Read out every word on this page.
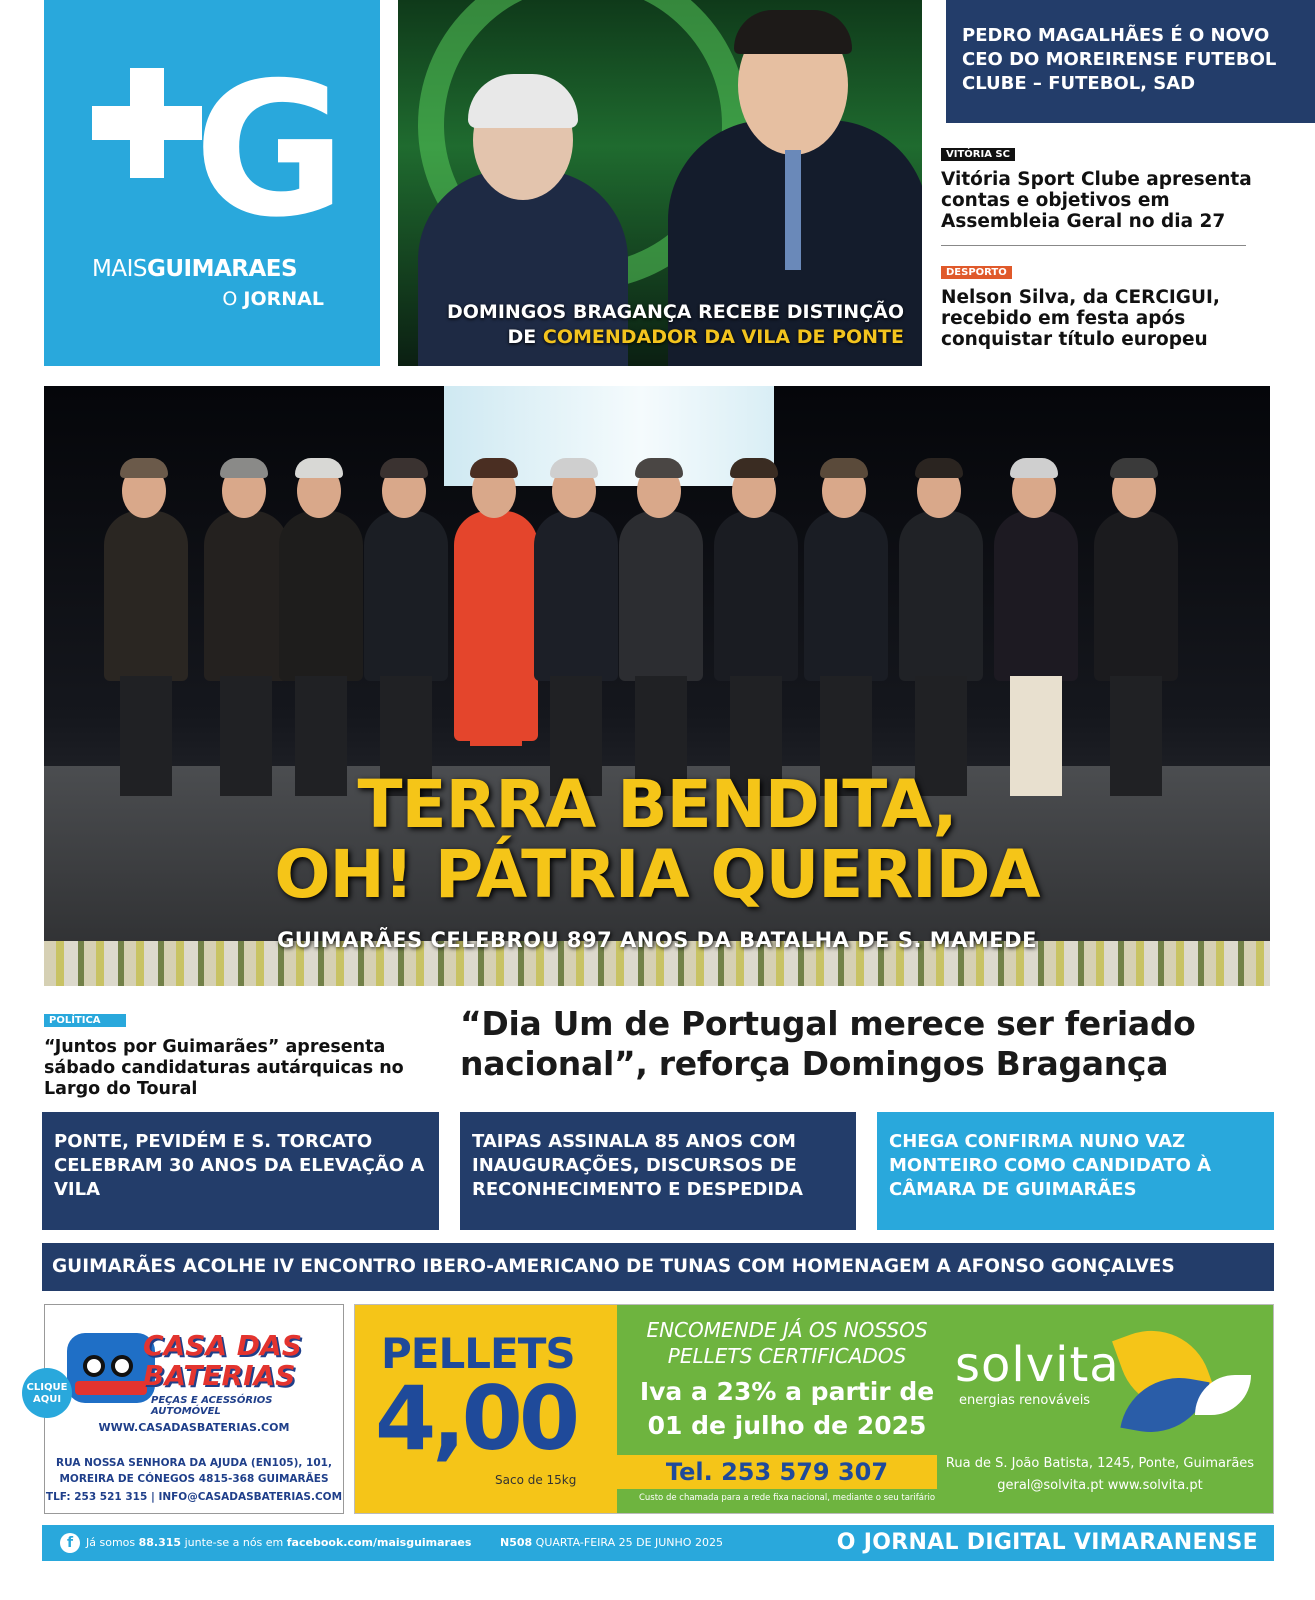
G
MAISGUIMARAES
O JORNAL
DOMINGOS BRAGANÇA RECEBE DISTINÇÃO
DE COMENDADOR DA VILA DE PONTE
PEDRO MAGALHÃES É O NOVO CEO DO MOREIRENSE FUTEBOL CLUBE – FUTEBOL, SAD
VITÓRIA SC
Vitória Sport Clube apresenta contas e objetivos em Assembleia Geral no dia 27
DESPORTO
Nelson Silva, da CERCIGUI, recebido em festa após conquistar título europeu
TERRA BENDITA,
OH! PÁTRIA QUERIDA
GUIMARÃES CELEBROU 897 ANOS DA BATALHA DE S. MAMEDE
POLÍTICA
“Juntos por Guimarães” apresenta sábado candidaturas autárquicas no Largo do Toural
“Dia Um de Portugal merece ser feriado nacional”, reforça Domingos Bragança
PONTE, PEVIDÉM E S. TORCATO CELEBRAM 30 ANOS DA ELEVAÇÃO A VILA
TAIPAS ASSINALA 85 ANOS COM INAUGURAÇÕES, DISCURSOS DE RECONHECIMENTO E DESPEDIDA
CHEGA CONFIRMA NUNO VAZ MONTEIRO COMO CANDIDATO À CÂMARA DE GUIMARÃES
GUIMARÃES ACOLHE IV ENCONTRO IBERO-AMERICANO DE TUNAS COM HOMENAGEM A AFONSO GONÇALVES
CASA DAS
BATERIAS
PEÇAS E ACESSÓRIOS AUTOMÓVEL
WWW.CASADASBATERIAS.COM
RUA NOSSA SENHORA DA AJUDA (EN105), 101,
MOREIRA DE CÓNEGOS 4815-368 GUIMARÃES
TLF: 253 521 315 | INFO@CASADASBATERIAS.COM
CLIQUE AQUI
PELLETS
4,00
Saco de 15kg
ENCOMENDE JÁ OS NOSSOS
PELLETS CERTIFICADOS
Iva a 23% a partir de
01 de julho de 2025
Tel. 253 579 307
Custo de chamada para a rede fixa nacional, mediante o seu tarifário
solvita
energias renováveis
Rua de S. João Batista, 1245, Ponte, Guimarães
geral@solvita.pt www.solvita.pt
f	Já somos 88.315 junte-se a nós em facebook.com/maisguimaraes	N508 QUARTA-FEIRA 25 DE JUNHO 2025	O JORNAL DIGITAL VIMARANENSE
